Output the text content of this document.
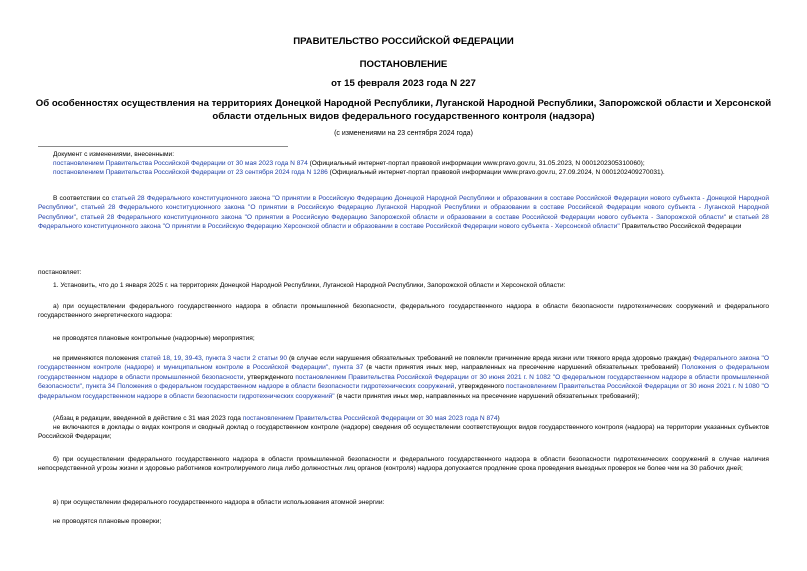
ПРАВИТЕЛЬСТВО РОССИЙСКОЙ ФЕДЕРАЦИИ
ПОСТАНОВЛЕНИЕ
от 15 февраля 2023 года N 227
Об особенностях осуществления на территориях Донецкой Народной Республики, Луганской Народной Республики, Запорожской области и Херсонской области отдельных видов федерального государственного контроля (надзора)
(с изменениями на 23 сентября 2024 года)
Документ с изменениями, внесенными:
постановлением Правительства Российской Федерации от 30 мая 2023 года N 874 (Официальный интернет-портал правовой информации www.pravo.gov.ru, 31.05.2023, N 0001202305310060);
постановлением Правительства Российской Федерации от 23 сентября 2024 года N 1286 (Официальный интернет-портал правовой информации www.pravo.gov.ru, 27.09.2024, N 0001202409270031).
В соответствии со статьей 28 Федерального конституционного закона "О принятии в Российскую Федерацию Донецкой Народной Республики и образовании в составе Российской Федерации нового субъекта - Донецкой Народной Республики", статьей 28 Федерального конституционного закона "О принятии в Российскую Федерацию Луганской Народной Республики и образовании в составе Российской Федерации нового субъекта - Луганской Народной Республики", статьей 28 Федерального конституционного закона "О принятии в Российскую Федерацию Запорожской области и образовании в составе Российской Федерации нового субъекта - Запорожской области" и статьей 28 Федерального конституционного закона "О принятии в Российскую Федерацию Херсонской области и образовании в составе Российской Федерации нового субъекта - Херсонской области" Правительство Российской Федерации
постановляет:
1. Установить, что до 1 января 2025 г. на территориях Донецкой Народной Республики, Луганской Народной Республики, Запорожской области и Херсонской области:
а) при осуществлении федерального государственного надзора в области промышленной безопасности, федерального государственного надзора в области безопасности гидротехнических сооружений и федерального государственного энергетического надзора:
не проводятся плановые контрольные (надзорные) мероприятия;
не применяются положения статей 18, 19, 39-43, пункта 3 части 2 статьи 90 (в случае если нарушения обязательных требований не повлекли причинение вреда жизни или тяжкого вреда здоровью граждан) Федерального закона "О государственном контроле (надзоре) и муниципальном контроле в Российской Федерации", пункта 37 (в части принятия иных мер, направленных на пресечение нарушений обязательных требований) Положения о федеральном государственном надзоре в области промышленной безопасности, утвержденного постановлением Правительства Российской Федерации от 30 июня 2021 г. N 1082 "О федеральном государственном надзоре в области промышленной безопасности", пункта 34 Положения о федеральном государственном надзоре в области безопасности гидротехнических сооружений, утвержденного постановлением Правительства Российской Федерации от 30 июня 2021 г. N 1080 "О федеральном государственном надзоре в области безопасности гидротехнических сооружений" (в части принятия иных мер, направленных на пресечение нарушений обязательных требований);
(Абзац в редакции, введенной в действие с 31 мая 2023 года постановлением Правительства Российской Федерации от 30 мая 2023 года N 874)
не включаются в доклады о видах контроля и сводный доклад о государственном контроле (надзоре) сведения об осуществлении соответствующих видов государственного контроля (надзора) на территории указанных субъектов Российской Федерации;
б) при осуществлении федерального государственного надзора в области промышленной безопасности и федерального государственного надзора в области безопасности гидротехнических сооружений в случае наличия непосредственной угрозы жизни и здоровью работников контролируемого лица либо должностных лиц органов (контроля) надзора допускается продление срока проведения выездных проверок не более чем на 30 рабочих дней;
в) при осуществлении федерального государственного надзора в области использования атомной энергии:
не проводятся плановые проверки;
